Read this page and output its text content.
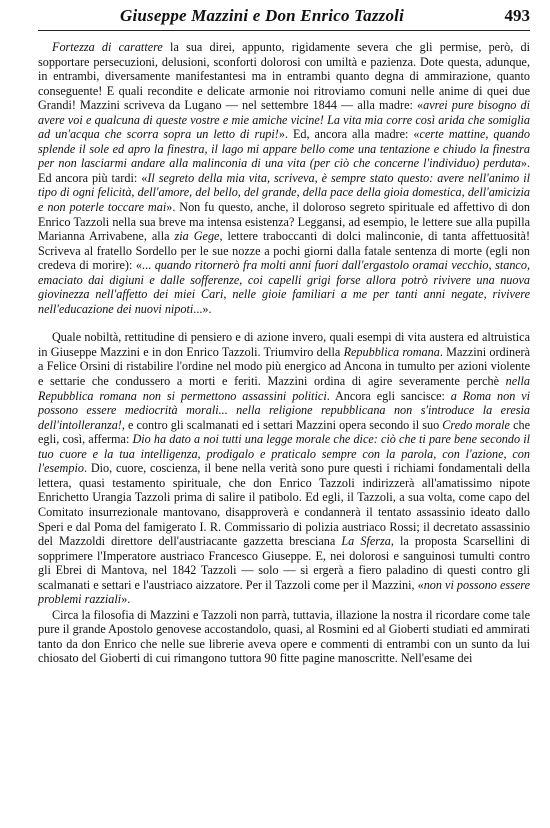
Giuseppe Mazzini e Don Enrico Tazzoli	493

Fortezza di carattere la sua direi, appunto, rigidamente severa che gli permise, però, di sopportare persecuzioni, delusioni, sconforti dolorosi con umiltà e pazienza. Dote questa, adunque, in entrambi, diversamente manifestantesi ma in entrambi quanto degna di ammirazione, quanto conseguente! E quali recondite e delicate armonie noi ritroviamo comuni nelle anime di quei due Grandi! Mazzini scriveva da Lugano — nel settembre 1844 — alla madre: «avrei pure bisogno di avere voi e qualcuna di queste vostre e mie amiche vicine! La vita mia corre così arida che somiglia ad un'acqua che scorra sopra un letto di rupi!». Ed, ancora alla madre: «certe mattine, quando splende il sole ed apro la finestra, il lago mi appare bello come una tentazione e chiudo la finestra per non lasciarmi andare alla malinconia di una vita (per ciò che concerne l'individuo) perduta». Ed ancora più tardi: «Il segreto della mia vita, scriveva, è sempre stato questo: avere nell'animo il tipo di ogni felicità, dell'amore, del bello, del grande, della pace della gioia domestica, dell'amicizia e non poterle toccare mai». Non fu questo, anche, il doloroso segreto spirituale ed affettivo di don Enrico Tazzoli nella sua breve ma intensa esistenza? Leggansi, ad esempio, le lettere sue alla pupilla Marianna Arrivabene, alla zia Gege, lettere traboccanti di dolci malinconie, di tanta affettuosità! Scriveva al fratello Sordello per le sue nozze a pochi giorni dalla fatale sentenza di morte (egli non credeva di morire): «... quando ritornerò fra molti anni fuori dall'ergastolo oramai vecchio, stanco, emaciato dai digiuni e dalle sofferenze, coi capelli grigi forse allora potrò rivivere una nuova giovinezza nell'affetto dei miei Cari, nelle gioie familiari a me per tanti anni negate, rivivere nell'educazione dei nuovi nipoti...».

Quale nobiltà, rettitudine di pensiero e di azione invero, quali esempi di vita austera ed altruistica in Giuseppe Mazzini e in don Enrico Tazzoli. Triumviro della Repubblica romana. Mazzini ordinerà a Felice Orsini di ristabilire l'ordine nel modo più energico ad Ancona in tumulto per azioni violente e settarie che condussero a morti e feriti. Mazzini ordina di agire severamente perchè nella Repubblica romana non si permettono assassini politici. Ancora egli sancisce: a Roma non vi possono essere mediocrità morali... nella religione repubblicana non s'introduce la eresia dell'intolleranza!, e contro gli scalmanati ed i settari Mazzini opera secondo il suo Credo morale che egli, così, afferma: Dio ha dato a noi tutti una legge morale che dice: ciò che ti pare bene secondo il tuo cuore e la tua intelligenza, prodigalo e praticalo sempre con la parola, con l'azione, con l'esempio. Dio, cuore, coscienza, il bene nella verità sono pure questi i richiami fondamentali della lettera, quasi testamento spirituale, che don Enrico Tazzoli indirizzerà all'amatissimo nipote Enrichetto Urangia Tazzoli prima di salire il patibolo. Ed egli, il Tazzoli, a sua volta, come capo del Comitato insurrezionale mantovano, disapproverà e condannerà il tentato assassinio ideato dallo Speri e dal Poma del famigerato I. R. Commissario di polizia austriaco Rossi; il decretato assassinio del Mazzoldi direttore dell'austriacante gazzetta bresciana La Sferza, la proposta Scarsellini di sopprimere l'Imperatore austriaco Francesco Giuseppe. E, nei dolorosi e sanguinosi tumulti contro gli Ebrei di Mantova, nel 1842 Tazzoli — solo — si ergerà a fiero paladino di questi contro gli scalmanati e settari e l'austriaco aizzatore. Per il Tazzoli come per il Mazzini, «non vi possono essere problemi razziali».

Circa la filosofia di Mazzini e Tazzoli non parrà, tuttavia, illazione la nostra il ricordare come tale pure il grande Apostolo genovese accostandolo, quasi, al Rosmini ed al Gioberti studiati ed ammirati tanto da don Enrico che nelle sue librerie aveva opere e commenti di entrambi con un sunto da lui chiosato del Gioberti di cui rimangono tuttora 90 fitte pagine manoscritte. Nell'esame dei
